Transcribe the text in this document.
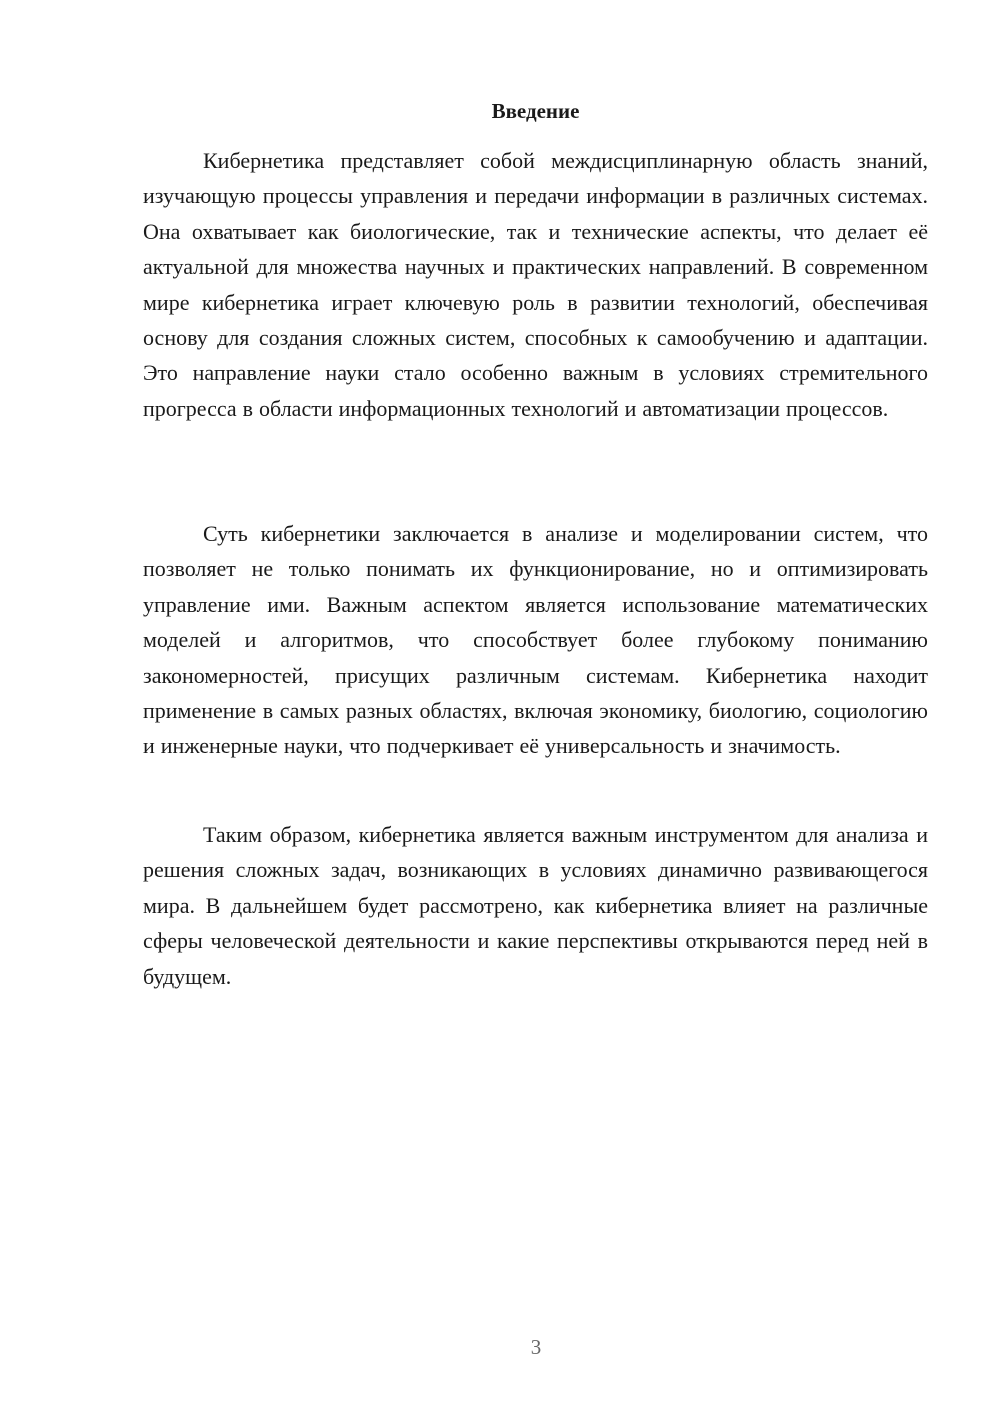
Введение

Кибернетика представляет собой междисциплинарную область знаний, изучающую процессы управления и передачи информации в различных системах. Она охватывает как биологические, так и технические аспекты, что делает её актуальной для множества научных и практических направлений. В современном мире кибернетика играет ключевую роль в развитии технологий, обеспечивая основу для создания сложных систем, способных к самообучению и адаптации. Это направление науки стало особенно важным в условиях стремительного прогресса в области информационных технологий и автоматизации процессов.

Суть кибернетики заключается в анализе и моделировании систем, что позволяет не только понимать их функционирование, но и оптимизировать управление ими. Важным аспектом является использование математических моделей и алгоритмов, что способствует более глубокому пониманию закономерностей, присущих различным системам. Кибернетика находит применение в самых разных областях, включая экономику, биологию, социологию и инженерные науки, что подчеркивает её универсальность и значимость.

Таким образом, кибернетика является важным инструментом для анализа и решения сложных задач, возникающих в условиях динамично развивающегося мира. В дальнейшем будет рассмотрено, как кибернетика влияет на различные сферы человеческой деятельности и какие перспективы открываются перед ней в будущем.

3
